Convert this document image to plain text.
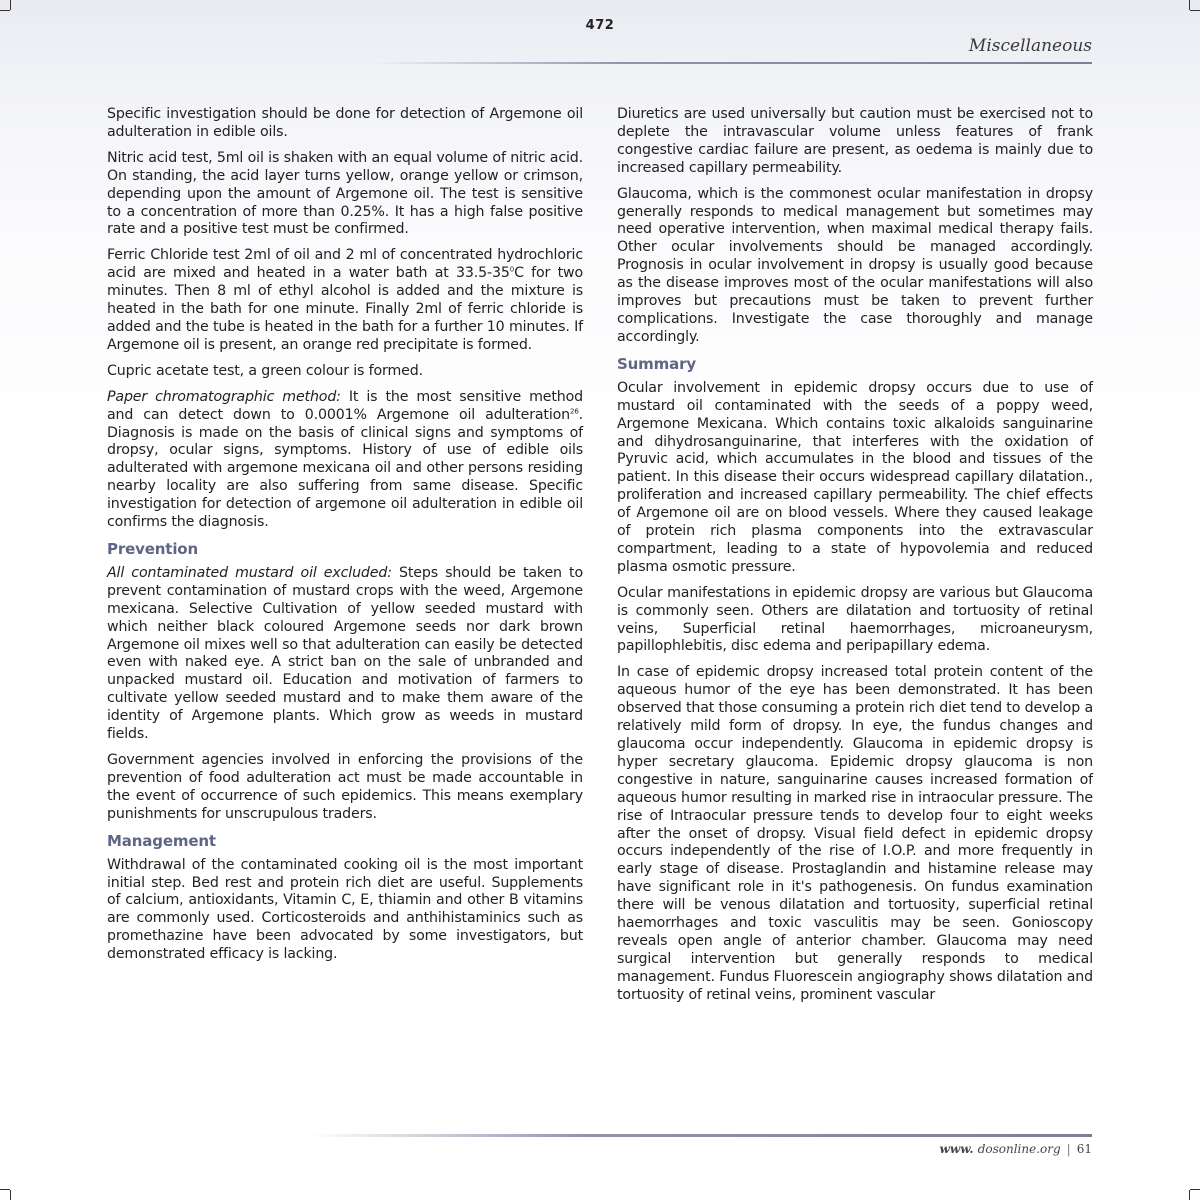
472
Miscellaneous

Specific investigation should be done for detection of Argemone oil adulteration in edible oils.

Nitric acid test, 5ml oil is shaken with an equal volume of nitric acid. On standing, the acid layer turns yellow, orange yellow or crimson, depending upon the amount of Argemone oil. The test is sensitive to a concentration of more than 0.25%. It has a high false positive rate and a positive test must be confirmed.

Ferric Chloride test 2ml of oil and 2 ml of concentrated hydrochloric acid are mixed and heated in a water bath at $33.5-35^0C$ for two minutes. Then 8 ml of ethyl alcohol is added and the mixture is heated in the bath for one minute. Finally 2ml of ferric chloride is added and the tube is heated in the bath for a further 10 minutes. If Argemone oil is present, an orange red precipitate is formed.

Cupric acetate test, a green colour is formed.

Paper chromatographic method: It is the most sensitive method and can detect down to 0.0001% Argemone oil adulteration$^{26}$. Diagnosis is made on the basis of clinical signs and symptoms of dropsy, ocular signs, symptoms. History of use of edible oils adulterated with argemone mexicana oil and other persons residing nearby locality are also suffering from same disease. Specific investigation for detection of argemone oil adulteration in edible oil confirms the diagnosis.

Prevention

All contaminated mustard oil excluded: Steps should be taken to prevent contamination of mustard crops with the weed, Argemone mexicana. Selective Cultivation of yellow seeded mustard with which neither black coloured Argemone seeds nor dark brown Argemone oil mixes well so that adulteration can easily be detected even with naked eye. A strict ban on the sale of unbranded and unpacked mustard oil. Education and motivation of farmers to cultivate yellow seeded mustard and to make them aware of the identity of Argemone plants. Which grow as weeds in mustard fields.

Government agencies involved in enforcing the provisions of the prevention of food adulteration act must be made accountable in the event of occurrence of such epidemics. This means exemplary punishments for unscrupulous traders.

Management

Withdrawal of the contaminated cooking oil is the most important initial step. Bed rest and protein rich diet are useful. Supplements of calcium, antioxidants, Vitamin C, E, thiamin and other B vitamins are commonly used. Corticosteroids and anthihistaminics such as promethazine have been advocated by some investigators, but demonstrated efficacy is lacking.

Diuretics are used universally but caution must be exercised not to deplete the intravascular volume unless features of frank congestive cardiac failure are present, as oedema is mainly due to increased capillary permeability.

Glaucoma, which is the commonest ocular manifestation in dropsy generally responds to medical management but sometimes may need operative intervention, when maximal medical therapy fails. Other ocular involvements should be managed accordingly. Prognosis in ocular involvement in dropsy is usually good because as the disease improves most of the ocular manifestations will also improves but precautions must be taken to prevent further complications. Investigate the case thoroughly and manage accordingly.

Summary

Ocular involvement in epidemic dropsy occurs due to use of mustard oil contaminated with the seeds of a poppy weed, Argemone Mexicana. Which contains toxic alkaloids sanguinarine and dihydrosanguinarine, that interferes with the oxidation of Pyruvic acid, which accumulates in the blood and tissues of the patient. In this disease their occurs widespread capillary dilatation., proliferation and increased capillary permeability. The chief effects of Argemone oil are on blood vessels. Where they caused leakage of protein rich plasma components into the extravascular compartment, leading to a state of hypovolemia and reduced plasma osmotic pressure.

Ocular manifestations in epidemic dropsy are various but Glaucoma is commonly seen. Others are dilatation and tortuosity of retinal veins, Superficial retinal haemorrhages, microaneurysm, papillophlebitis, disc edema and peripapillary edema.

In case of epidemic dropsy increased total protein content of the aqueous humor of the eye has been demonstrated. It has been observed that those consuming a protein rich diet tend to develop a relatively mild form of dropsy. In eye, the fundus changes and glaucoma occur independently. Glaucoma in epidemic dropsy is hyper secretary glaucoma. Epidemic dropsy glaucoma is non congestive in nature, sanguinarine causes increased formation of aqueous humor resulting in marked rise in intraocular pressure. The rise of Intraocular pressure tends to develop four to eight weeks after the onset of dropsy. Visual field defect in epidemic dropsy occurs independently of the rise of I.O.P. and more frequently in early stage of disease. Prostaglandin and histamine release may have significant role in it's pathogenesis. On fundus examination there will be venous dilatation and tortuosity, superficial retinal haemorrhages and toxic vasculitis may be seen. Gonioscopy reveals open angle of anterior chamber. Glaucoma may need surgical intervention but generally responds to medical management. Fundus Fluorescein angiography shows dilatation and tortuosity of retinal veins, prominent vascular

www. dosonline.org | 61
